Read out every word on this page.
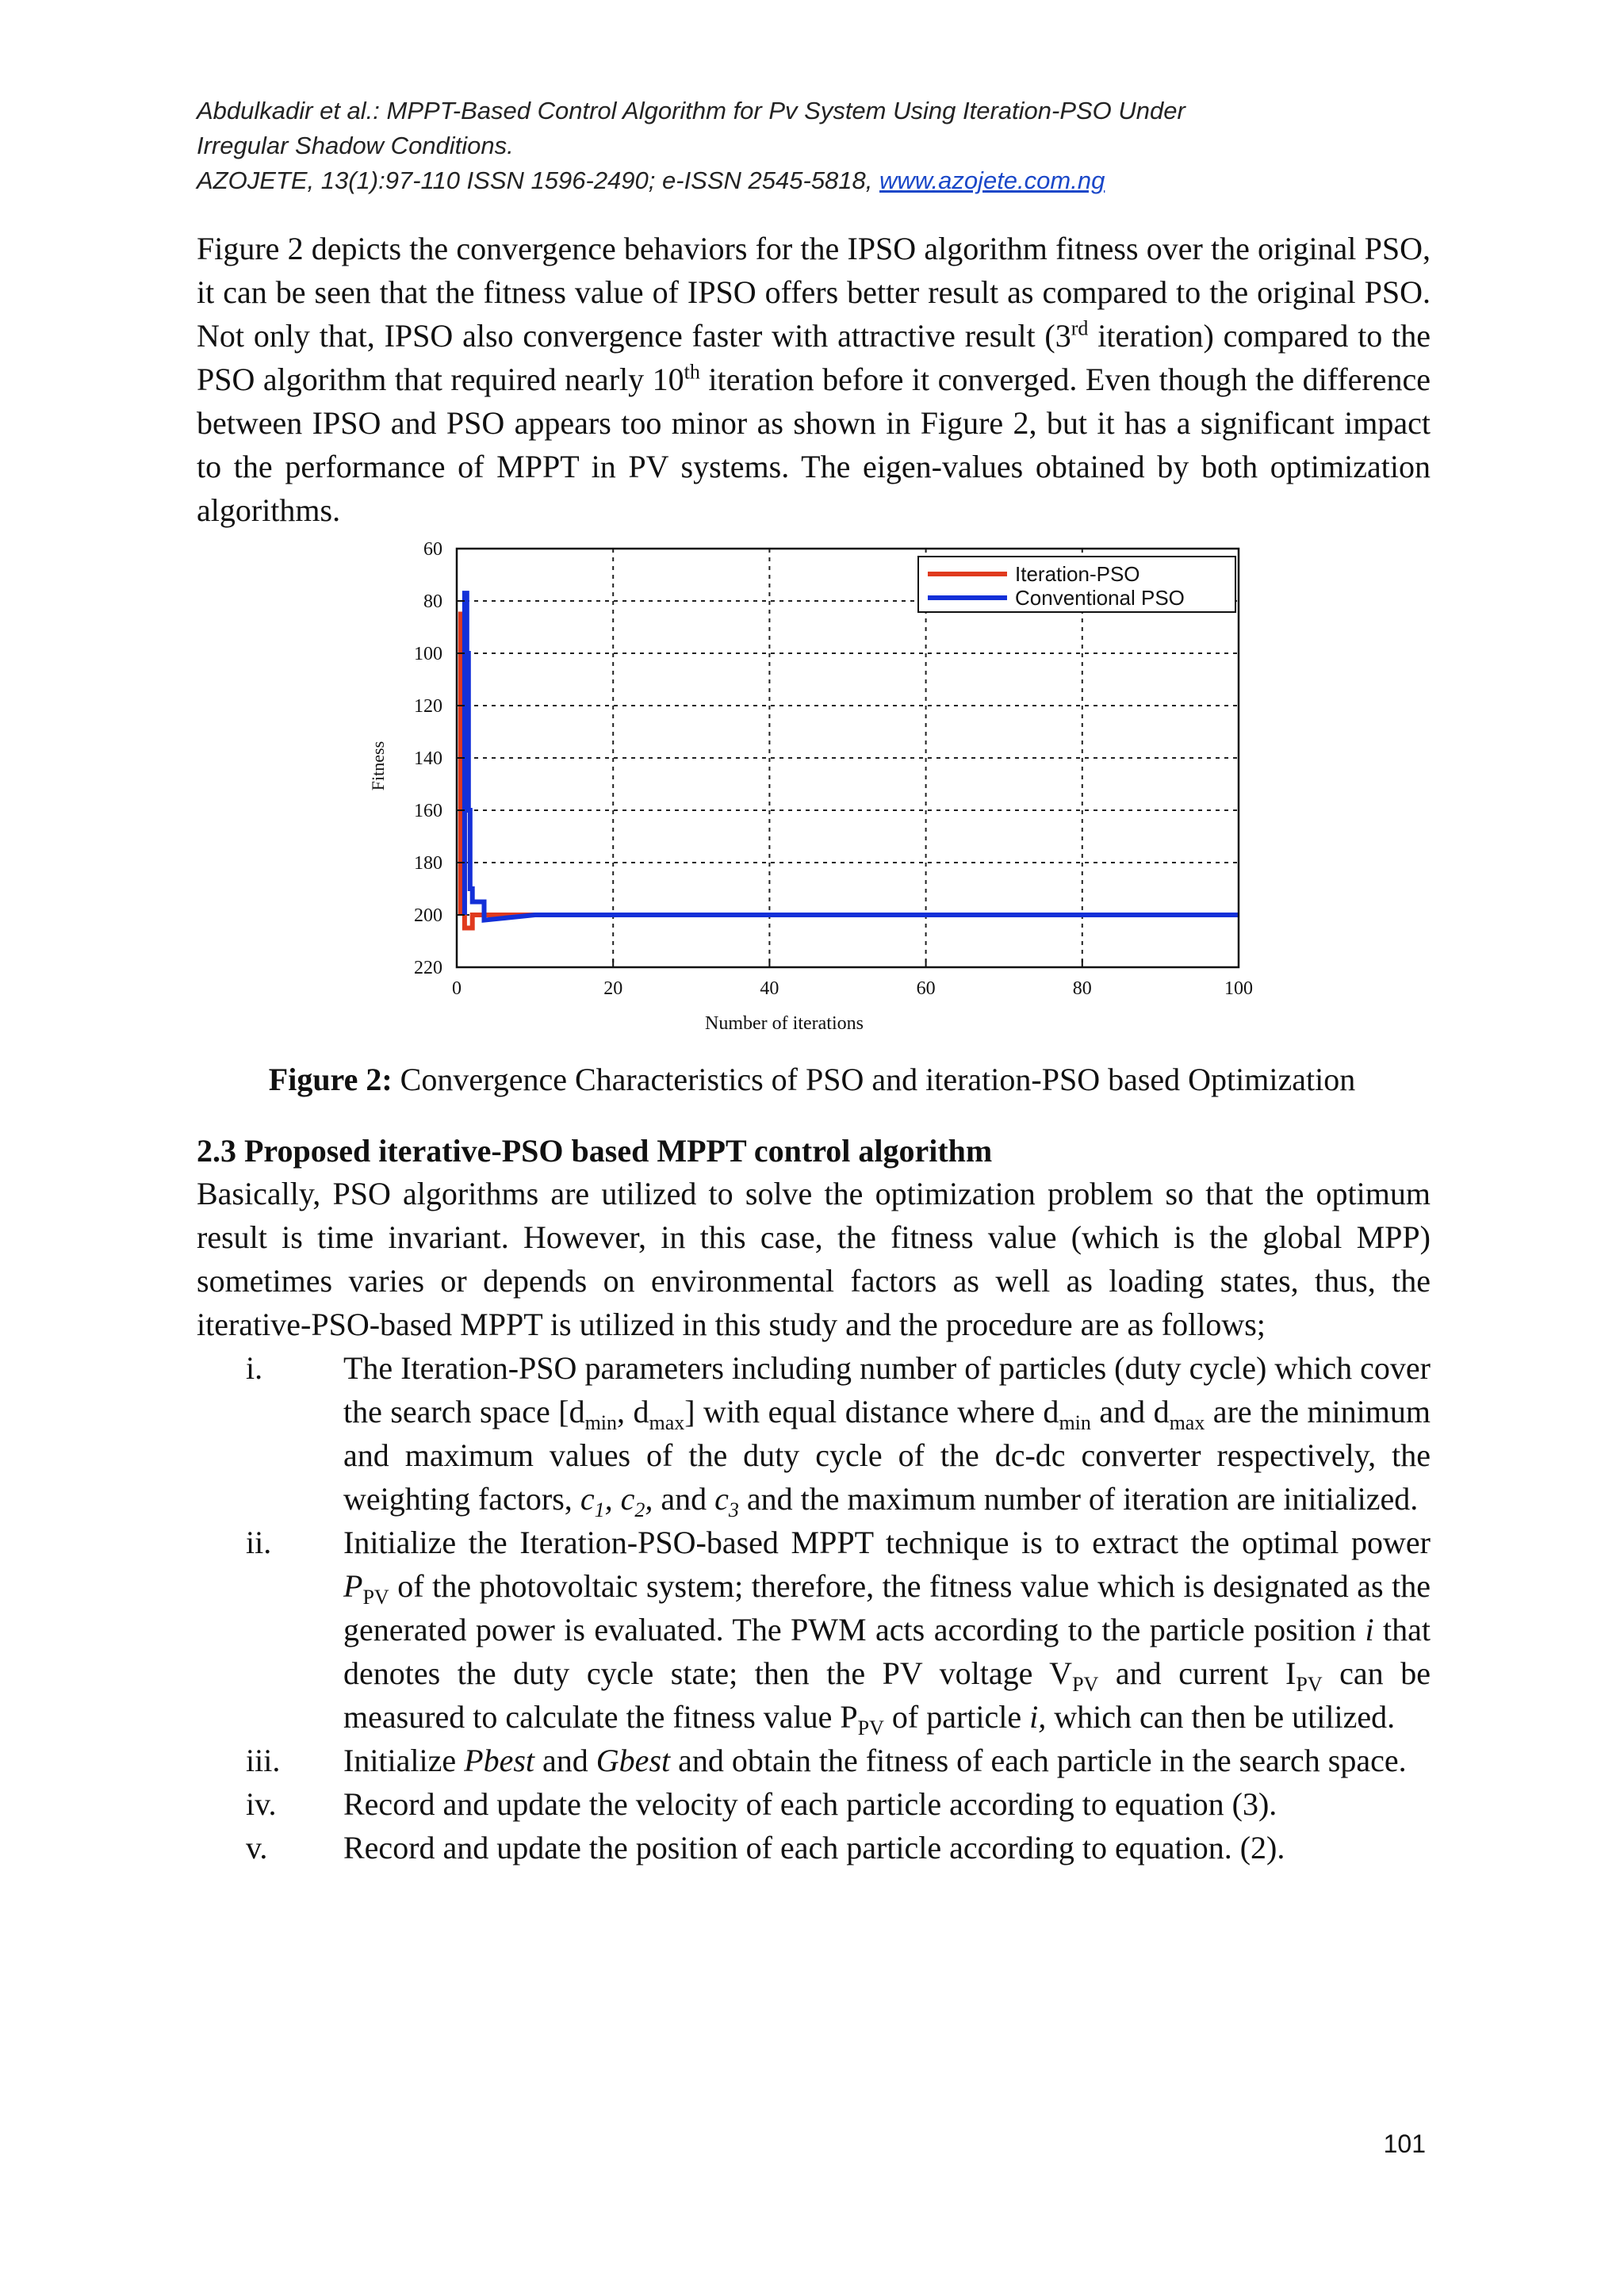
Abdulkadir et al.: MPPT-Based Control Algorithm for Pv System Using Iteration-PSO Under
Irregular Shadow Conditions.
AZOJETE, 13(1):97-110 ISSN 1596-2490; e-ISSN 2545-5818, www.azojete.com.ng
Figure 2 depicts the convergence behaviors for the IPSO algorithm fitness over the original PSO, it can be seen that the fitness value of IPSO offers better result as compared to the original PSO. Not only that, IPSO also convergence faster with attractive result (3rd iteration) compared to the PSO algorithm that required nearly 10th iteration before it converged. Even though the difference between IPSO and PSO appears too minor as shown in Figure 2, but it has a significant impact to the performance of MPPT in PV systems. The eigen-values obtained by both optimization algorithms.
0	20	40	60	80	100
60
80
100
120
140
160
180
200
220
Number of iterations
Fitness
Iteration-PSO
Conventional PSO
Figure 2: Convergence Characteristics of PSO and iteration-PSO based Optimization
2.3 Proposed iterative-PSO based MPPT control algorithm
Basically, PSO algorithms are utilized to solve the optimization problem so that the optimum result is time invariant. However, in this case, the fitness value (which is the global MPP) sometimes varies or depends on environmental factors as well as loading states, thus, the iterative-PSO-based MPPT is utilized in this study and the procedure are as follows;
i.	The Iteration-PSO parameters including number of particles (duty cycle) which cover the search space [$d_{min}$, $d_{max}$] with equal distance where $d_{min}$ and $d_{max}$ are the minimum and maximum values of the duty cycle of the dc-dc converter respectively, the weighting factors, $c_1$, $c_2$, and $c_3$ and the maximum number of iteration are initialized.
ii. Initialize the Iteration-PSO-based MPPT technique is to extract the optimal power $P_{PV}$ of the photovoltaic system; therefore, the fitness value which is designated as the generated power is evaluated. The PWM acts according to the particle position i that denotes the duty cycle state; then the PV voltage $V_{PV}$ and current $I_{PV}$ can be measured to calculate the fitness value $P_{PV}$ of particle i, which can then be utilized.
iii. Initialize Pbest and Gbest and obtain the fitness of each particle in the search space.
iv. Record and update the velocity of each particle according to equation (3).
v. Record and update the position of each particle according to equation. (2).
101
